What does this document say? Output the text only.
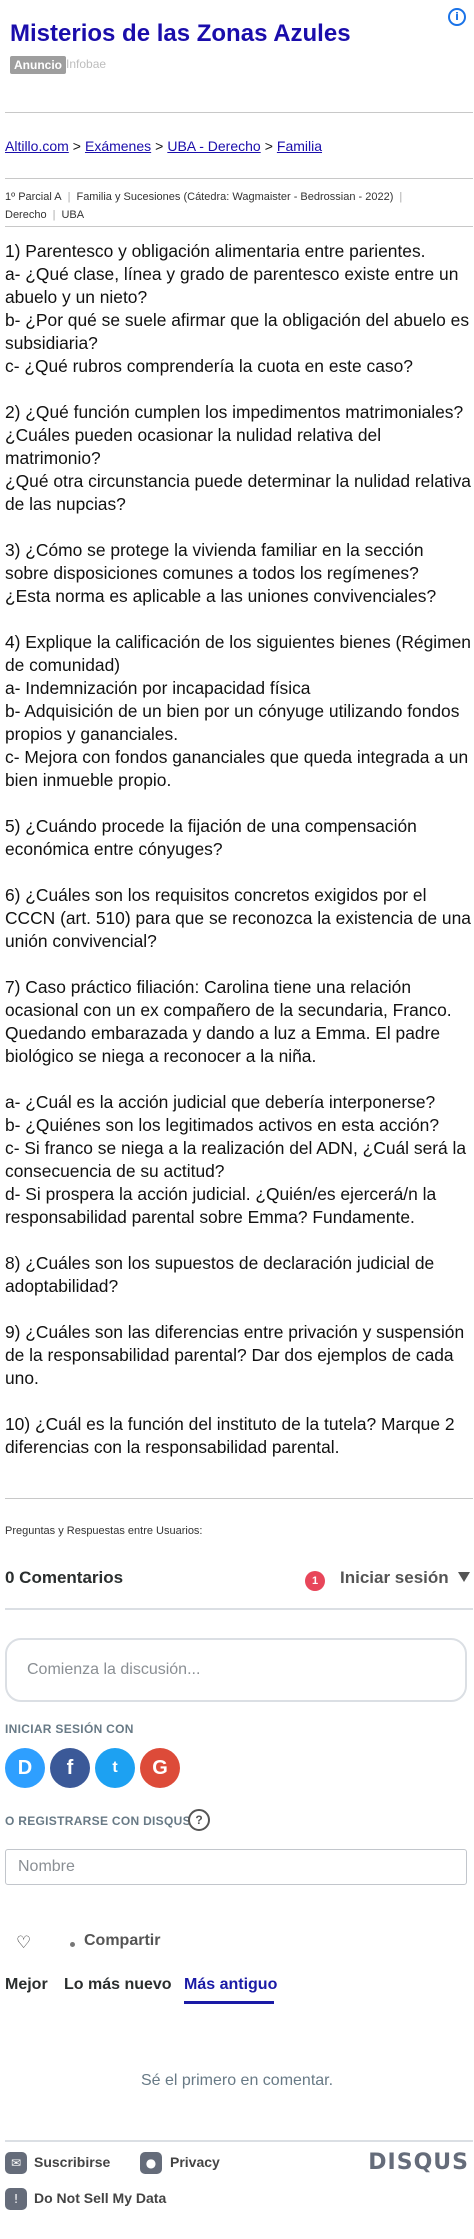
Misterios de las Zonas Azules
Anuncio Infobae
i
Altillo.com > Exámenes > UBA - Derecho > Familia
1º Parcial A | Familia y Sucesiones (Cátedra: Wagmaister - Bedrossian - 2022) |
Derecho | UBA

1) Parentesco y obligación alimentaria entre parientes.
a- ¿Qué clase, línea y grado de parentesco existe entre un abuelo y un nieto?
b- ¿Por qué se suele afirmar que la obligación del abuelo es subsidiaria?
c- ¿Qué rubros comprendería la cuota en este caso?

2) ¿Qué función cumplen los impedimentos matrimoniales?
¿Cuáles pueden ocasionar la nulidad relativa del matrimonio?
¿Qué otra circunstancia puede determinar la nulidad relativa de las nupcias?

3) ¿Cómo se protege la vivienda familiar en la sección sobre disposiciones comunes a todos los regímenes?
¿Esta norma es aplicable a las uniones convivenciales?

4) Explique la calificación de los siguientes bienes (Régimen de comunidad)
a- Indemnización por incapacidad física
b- Adquisición de un bien por un cónyuge utilizando fondos propios y gananciales.
c- Mejora con fondos gananciales que queda integrada a un bien inmueble propio.

5) ¿Cuándo procede la fijación de una compensación económica entre cónyuges?

6) ¿Cuáles son los requisitos concretos exigidos por el CCCN (art. 510) para que se reconozca la existencia de una unión convivencial?

7) Caso práctico filiación: Carolina tiene una relación ocasional con un ex compañero de la secundaria, Franco. Quedando embarazada y dando a luz a Emma. El padre biológico se niega a reconocer a la niña.

a- ¿Cuál es la acción judicial que debería interponerse?
b- ¿Quiénes son los legitimados activos en esta acción?
c- Si franco se niega a la realización del ADN, ¿Cuál será la consecuencia de su actitud?
d- Si prospera la acción judicial. ¿Quién/es ejercerá/n la responsabilidad parental sobre Emma? Fundamente.

8) ¿Cuáles son los supuestos de declaración judicial de adoptabilidad?

9) ¿Cuáles son las diferencias entre privación y suspensión de la responsabilidad parental? Dar dos ejemplos de cada uno.

10) ¿Cuál es la función del instituto de la tutela? Marque 2 diferencias con la responsabilidad parental.

Preguntas y Respuestas entre Usuarios:
0 Comentarios	1	Iniciar sesión
Comienza la discusión...
INICIAR SESIÓN CON
D	f	t	G
O REGISTRARSE CON DISQUS ?
Nombre
♡	Compartir
Mejor Lo más nuevo Más antiguo
Sé el primero en comentar.
✉ Suscribirse	● Privacy	DISQUS
!	Do Not Sell My Data
